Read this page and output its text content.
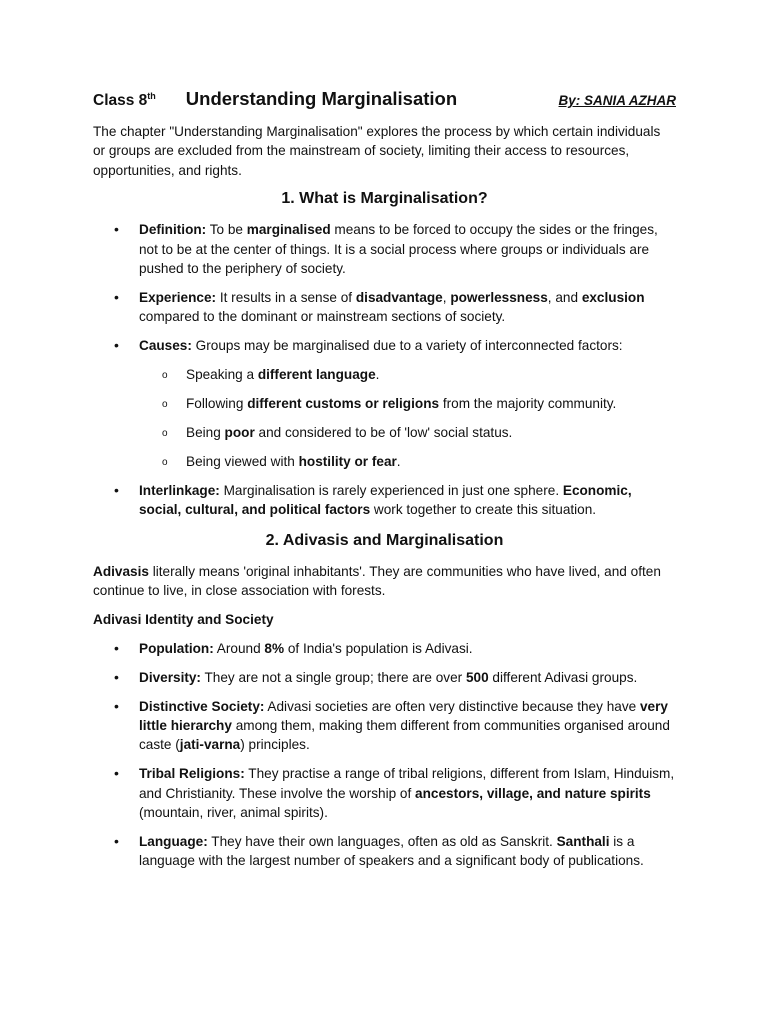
Class 8th Understanding Marginalisation	By: SANIA AZHAR

The chapter "Understanding Marginalisation" explores the process by which certain individuals or groups are excluded from the mainstream of society, limiting their access to resources, opportunities, and rights.

1. What is Marginalisation?
• Definition: To be marginalised means to be forced to occupy the sides or the fringes, not to be at the center of things. It is a social process where groups or individuals are pushed to the periphery of society.
• Experience: It results in a sense of disadvantage, powerlessness, and exclusion compared to the dominant or mainstream sections of society.
• Causes: Groups may be marginalised due to a variety of interconnected factors:
o Speaking a different language.
o Following different customs or religions from the majority community.
o Being poor and considered to be of 'low' social status.
o Being viewed with hostility or fear.
• Interlinkage: Marginalisation is rarely experienced in just one sphere. Economic, social, cultural, and political factors work together to create this situation.
2. Adivasis and Marginalisation

Adivasis literally means 'original inhabitants'. They are communities who have lived, and often continue to live, in close association with forests.

Adivasi Identity and Society
• Population: Around 8% of India's population is Adivasi.
• Diversity: They are not a single group; there are over 500 different Adivasi groups.
• Distinctive Society: Adivasi societies are often very distinctive because they have very little hierarchy among them, making them different from communities organised around caste (jati-varna) principles.
• Tribal Religions: They practise a range of tribal religions, different from Islam, Hinduism, and Christianity. These involve the worship of ancestors, village, and nature spirits (mountain, river, animal spirits).
• Language: They have their own languages, often as old as Sanskrit. Santhali is a language with the largest number of speakers and a significant body of publications.
